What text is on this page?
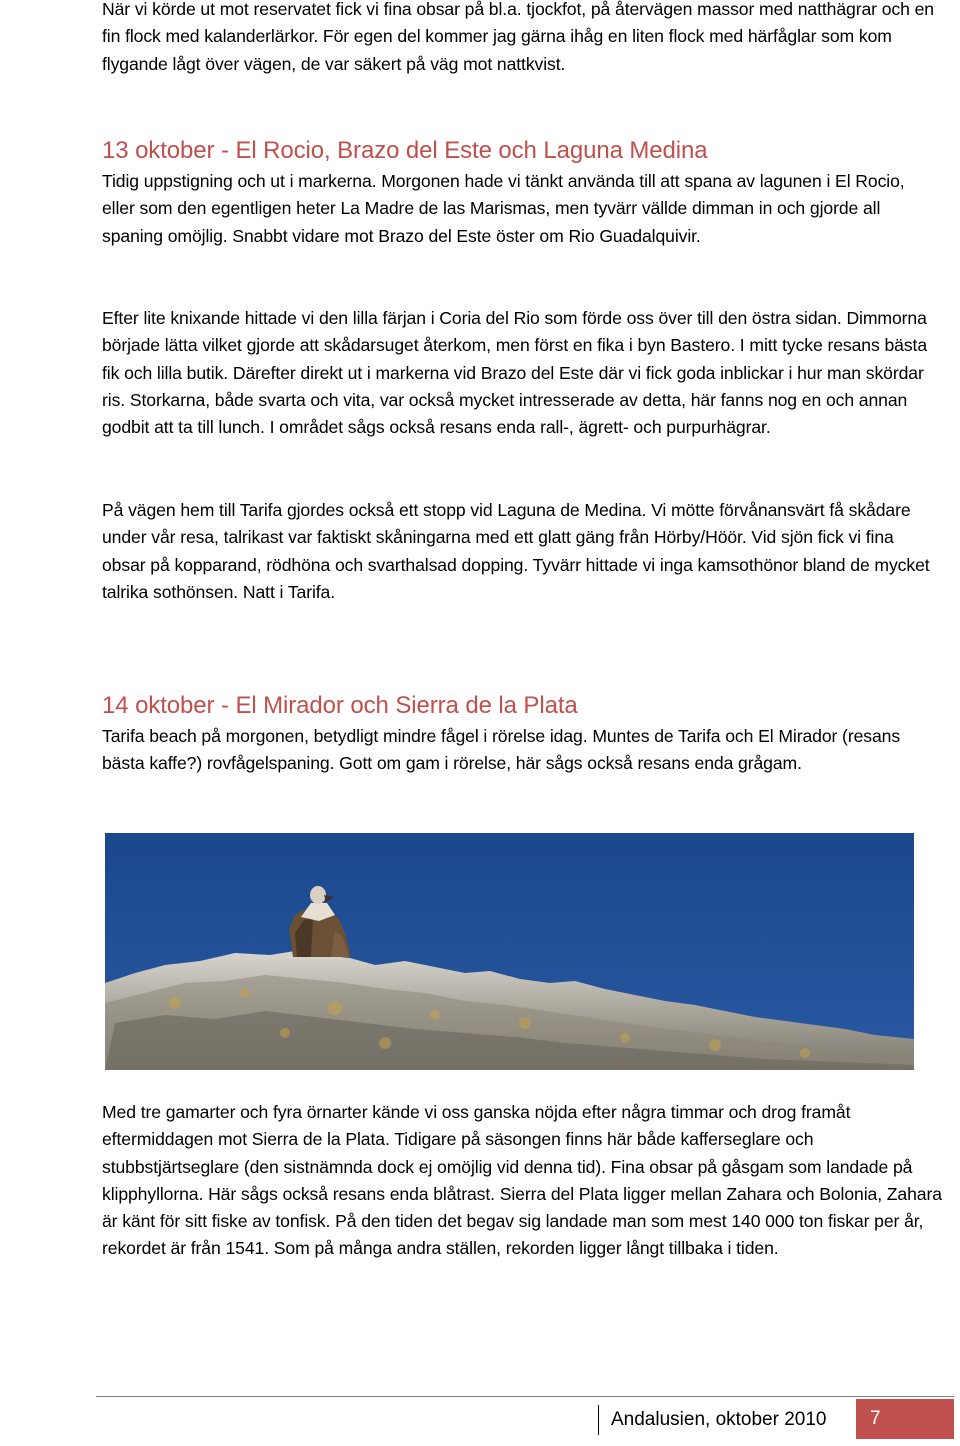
När vi körde ut mot reservatet fick vi fina obsar på bl.a. tjockfot, på återvägen massor med natthägrar och en fin flock med kalanderlärkor. För egen del kommer jag gärna ihåg en liten flock med härfåglar som kom flygande lågt över vägen, de var säkert på väg mot nattkvist.

13 oktober - El Rocio, Brazo del Este och Laguna Medina

Tidig uppstigning och ut i markerna. Morgonen hade vi tänkt använda till att spana av lagunen i El Rocio, eller som den egentligen heter La Madre de las Marismas, men tyvärr vällde dimman in och gjorde all spaning omöjlig. Snabbt vidare mot Brazo del Este öster om Rio Guadalquivir.

Efter lite knixande hittade vi den lilla färjan i Coria del Rio som förde oss över till den östra sidan. Dimmorna började lätta vilket gjorde att skådarsuget återkom, men först en fika i byn Bastero. I mitt tycke resans bästa fik och lilla butik. Därefter direkt ut i markerna vid Brazo del Este där vi fick goda inblickar i hur man skördar ris. Storkarna, både svarta och vita, var också mycket intresserade av detta, här fanns nog en och annan godbit att ta till lunch. I området sågs också resans enda rall-, ägrett- och purpurhägrar.

På vägen hem till Tarifa gjordes också ett stopp vid Laguna de Medina. Vi mötte förvånansvärt få skådare under vår resa, talrikast var faktiskt skåningarna med ett glatt gäng från Hörby/Höör. Vid sjön fick vi fina obsar på kopparand, rödhöna och svarthalsad dopping. Tyvärr hittade vi inga kamsothönor bland de mycket talrika sothönsen. Natt i Tarifa.

14 oktober - El Mirador och Sierra de la Plata

Tarifa beach på morgonen, betydligt mindre fågel i rörelse idag. Muntes de Tarifa och El Mirador (resans bästa kaffe?) rovfågelspaning. Gott om gam i rörelse, här sågs också resans enda grågam.

Med tre gamarter och fyra örnarter kände vi oss ganska nöjda efter några timmar och drog framåt eftermiddagen mot Sierra de la Plata. Tidigare på säsongen finns här både kafferseglare och stubbstjärtseglare (den sistnämnda dock ej omöjlig vid denna tid). Fina obsar på gåsgam som landade på klipphyllorna. Här sågs också resans enda blåtrast. Sierra del Plata ligger mellan Zahara och Bolonia, Zahara är känt för sitt fiske av tonfisk. På den tiden det begav sig landade man som mest 140 000 ton fiskar per år, rekordet är från 1541. Som på många andra ställen, rekorden ligger långt tillbaka i tiden.

Andalusien, oktober 2010	7
